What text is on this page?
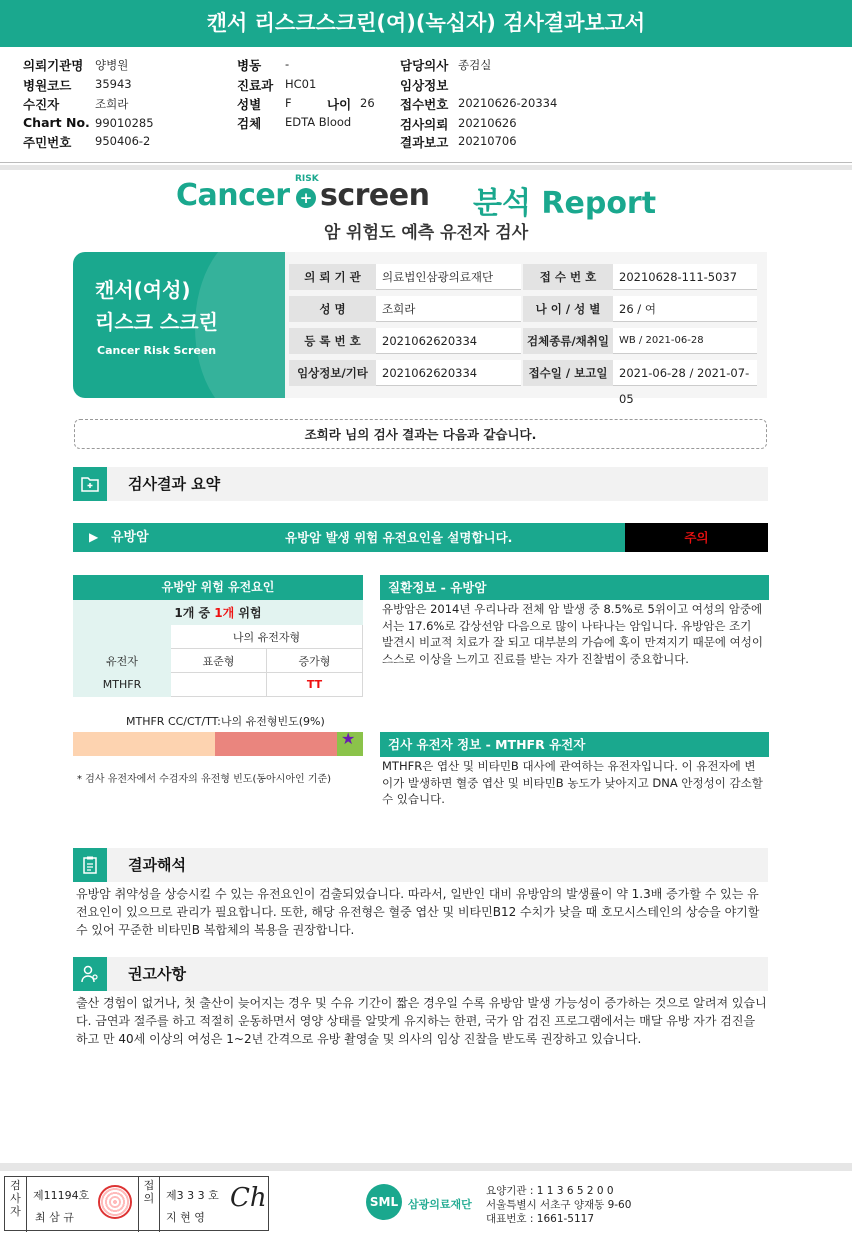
캔서 리스크스크린(여)(녹십자) 검사결과보고서
의뢰기관명 양병원
병원코드 35943
수진자	조희라
Chart No. 99010285
주민번호 950406-2
병동 -
진료과 HC01
성별 F	나이 26
검체 EDTA Blood
담당의사 종검실
임상정보
접수번호 20210626-20334
검사의뢰 20210626
결과보고 20210706
Cancer RISK
+ screen 분석 Report
암 위험도 예측 유전자 검사
캔서(여성)
리스크 스크린
Cancer Risk Screen
의 뢰 기 관	의료법인삼광의료재단	접 수 번 호	20210628-111-5037
성 명	조희라	나 이 / 성 별	26 / 여
등 록 번 호	2021062620334	검체종류/채취일	WB / 2021-06-28
임상정보/기타	2021062620334	접수일 / 보고일	2021-06-28 / 2021-07-05
조희라 님의 검사 결과는 다음과 같습니다.
검사결과 요약
▶ 유방암	유방암 발생 위험 유전요인을 설명합니다.	주의
유방암 위험 유전요인
1개 중 1개 위험		
	나의 유전자형	
유전자	표준형	증가형
MTHFR		TT
질환정보 - 유방암
유방암은 2014년 우리나라 전체 암 발생 중 8.5%로 5위이고 여성의 암중에서는 17.6%로 갑상선암 다음으로 많이 나타나는 암입니다. 유방암은 조기 발견시 비교적 치료가 잘 되고 대부분의 가슴에 혹이 만져지기 때문에 여성이 스스로 이상을 느끼고 진료를 받는 자가 진찰법이 중요합니다.
MTHFR CC/CT/TT:나의 유전형빈도(9%)
★
* 검사 유전자에서 수검자의 유전형 빈도(동아시아인 기준)
검사 유전자 정보 - MTHFR 유전자
MTHFR은 엽산 및 비타민B 대사에 관여하는 유전자입니다. 이 유전자에 변이가 발생하면 혈중 엽산 및 비타민B 농도가 낮아지고 DNA 안정성이 감소할 수 있습니다.
결과해석
유방암 취약성을 상승시킬 수 있는 유전요인이 검출되었습니다. 따라서, 일반인 대비 유방암의 발생률이 약 1.3배 증가할 수 있는 유전요인이 있으므로 관리가 필요합니다. 또한, 해당 유전형은 혈중 엽산 및 비타민B12 수치가 낮을 때 호모시스테인의 상승을 야기할 수 있어 꾸준한 비타민B 복합체의 복용을 권장합니다.
권고사항
출산 경험이 없거나, 첫 출산이 늦어지는 경우 및 수유 기간이 짧은 경우일 수록 유방암 발생 가능성이 증가하는 것으로 알려져 있습니다. 금연과 절주를 하고 적절히 운동하면서 영양 상태를 알맞게 유지하는 한편, 국가 암 검진 프로그램에서는 매달 유방 자가 검진을 하고 만 40세 이상의 여성은 1~2년 간격으로 유방 촬영술 및 의사의 임상 진찰을 받도록 권장하고 있습니다.
검사자
제11194호
최 삼 규
접 의	제3 3 3 호
지 현 영
Ch	SML 삼광의료재단
요양기관 : 1 1 3 6 5 2 0 0
서울특별시 서초구 양재동 9-60
대표번호 : 1661-5117
